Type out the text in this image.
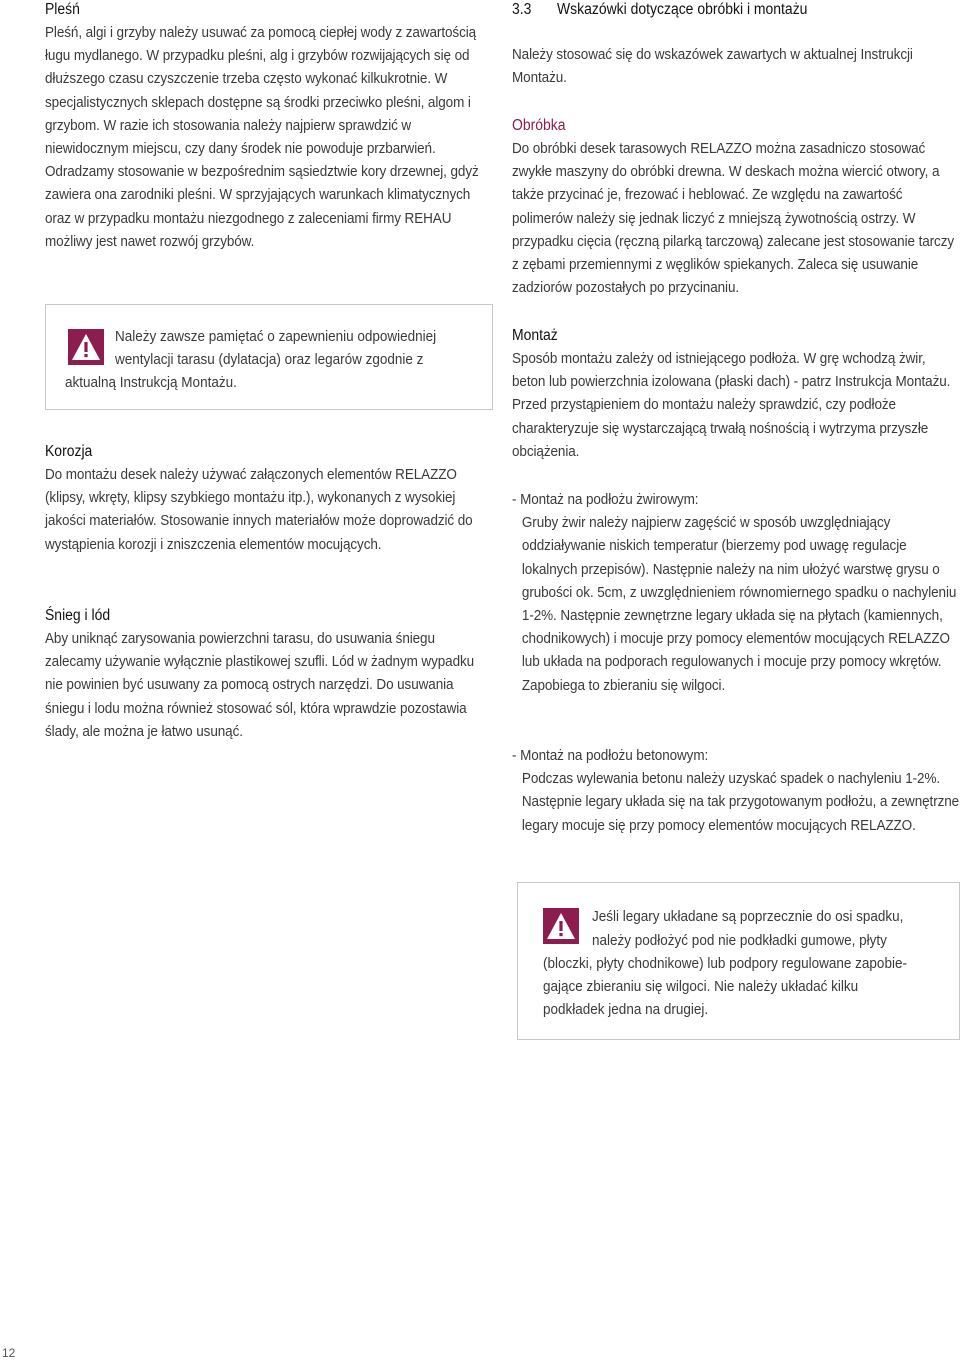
Pleśń

Pleśń, algi i grzyby należy usuwać za pomocą ciepłej wody z zawartością ługu mydlanego. W przypadku pleśni, alg i grzybów rozwijających się od dłuższego czasu czyszczenie trzeba często wykonać kilkukrotnie. W specjalistycznych sklepach dostępne są środki przeciwko pleśni, algom i grzybom. W razie ich stosowania należy najpierw sprawdzić w niewidocznym miejscu, czy dany środek nie powoduje przbarwień. Odradzamy stosowanie w bezpośrednim sąsiedztwie kory drzewnej, gdyż zawiera ona zarodniki pleśni. W sprzyjających warunkach klimatycznych oraz w przypadku montażu niezgodnego z zaleceniami firmy REHAU możliwy jest nawet rozwój grzybów.

Należy zawsze pamiętać o zapewnieniu odpowiedniej
wentylacji tarasu (dylatacja) oraz legarów zgodnie z
aktualną Instrukcją Montażu.
Korozja

Do montażu desek należy używać załączonych elementów RELAZZO (klipsy, wkręty, klipsy szybkiego montażu itp.), wykonanych z wysokiej jakości materiałów. Stosowanie innych materiałów może doprowadzić do wystąpienia korozji i zniszczenia elementów mocujących.

Śnieg i lód

Aby uniknąć zarysowania powierzchni tarasu, do usuwania śniegu zalecamy używanie wyłącznie plastikowej szufli. Lód w żadnym wypadku nie powinien być usuwany za pomocą ostrych narzędzi. Do usuwania śniegu i lodu można również stosować sól, która wprawdzie pozostawia ślady, ale można je łatwo usunąć.

3.3 Wskazówki dotyczące obróbki i montażu

Należy stosować się do wskazówek zawartych w aktualnej Instrukcji Montażu.

Obróbka

Do obróbki desek tarasowych RELAZZO można zasadniczo stosować zwykłe maszyny do obróbki drewna. W deskach można wiercić otwory, a także przycinać je, frezować i heblować. Ze względu na zawartość polimerów należy się jednak liczyć z mniejszą żywotnością ostrzy. W przypadku cięcia (ręczną pilarką tarczową) zalecane jest stosowanie tarczy z zębami przemiennymi z węglików spiekanych. Zaleca się usuwanie zadziorów pozostałych po przycinaniu.

Montaż

Sposób montażu zależy od istniejącego podłoża. W grę wchodzą żwir, beton lub powierzchnia izolowana (płaski dach) - patrz Instrukcja Montażu. Przed przystąpieniem do montażu należy sprawdzić, czy podłoże charakteryzuje się wystarczającą trwałą nośnością i wytrzyma przyszłe obciążenia.

- Montaż na podłożu żwirowym:

Gruby żwir należy najpierw zagęścić w sposób uwzględniający oddziaływanie niskich temperatur (bierzemy pod uwagę regulacje lokalnych przepisów). Następnie należy na nim ułożyć warstwę grysu o grubości ok. 5cm, z uwzględnieniem równomiernego spadku o nachyleniu 1-2%. Następnie zewnętrzne legary układa się na płytach (kamiennych, chodnikowych) i mocuje przy pomocy elementów mocujących RELAZZO lub układa na podporach regulowanych i mocuje przy pomocy wkrętów. Zapobiega to zbieraniu się wilgoci.

- Montaż na podłożu betonowym:

Podczas wylewania betonu należy uzyskać spadek o nachyleniu 1-2%. Następnie legary układa się na tak przygotowanym podłożu, a zewnętrzne legary mocuje się przy pomocy elementów mocujących RELAZZO.

Jeśli legary układane są poprzecznie do osi spadku,
należy podłożyć pod nie podkładki gumowe, płyty
(bloczki, płyty chodnikowe) lub podpory regulowane zapobie-
gające zbieraniu się wilgoci. Nie należy układać kilku
podkładek jedna na drugiej.
12
